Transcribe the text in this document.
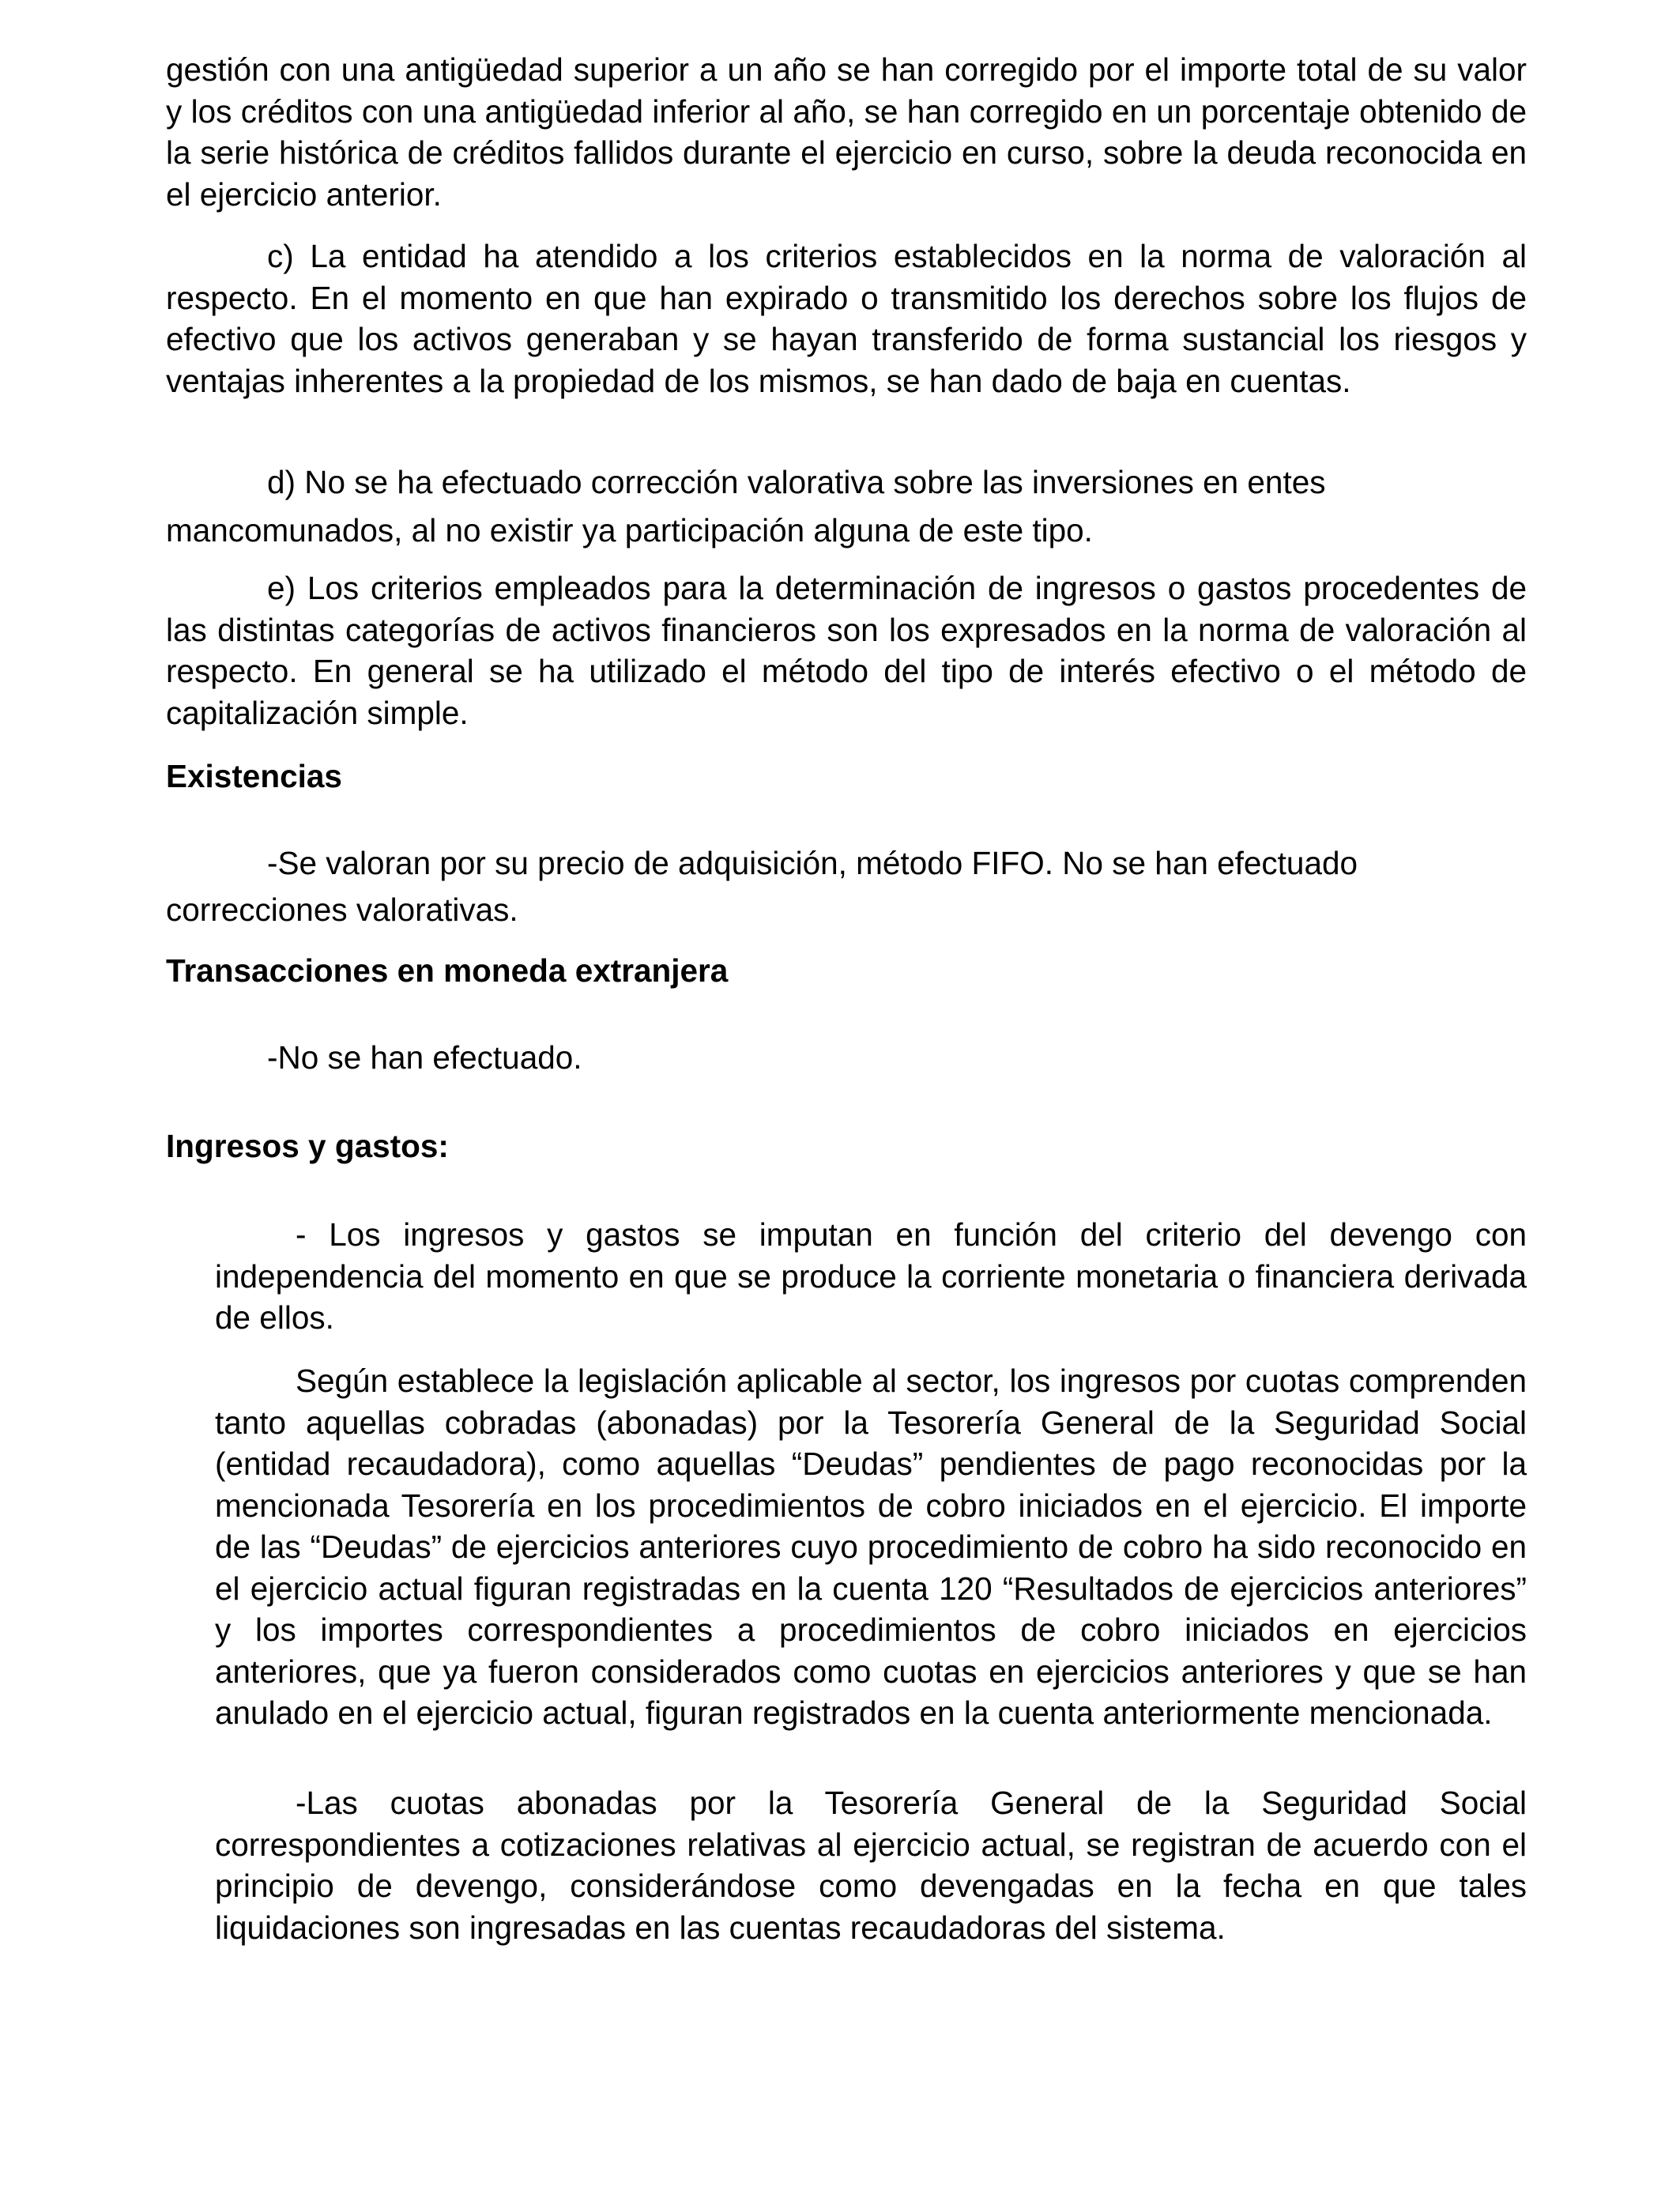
gestión con una antigüedad superior a un año se han corregido por el importe total de su valor y los créditos con una antigüedad inferior al año, se han corregido en un porcentaje obtenido de la serie histórica de créditos fallidos durante el ejercicio en curso, sobre la deuda reconocida en el ejercicio anterior.

c) La entidad ha atendido a los criterios establecidos en la norma de valoración al respecto. En el momento en que han expirado o transmitido los derechos sobre los flujos de efectivo que los activos generaban y se hayan transferido de forma sustancial los riesgos y ventajas inherentes a la propiedad de los mismos, se han dado de baja en cuentas.

d) No se ha efectuado corrección valorativa sobre las inversiones en entes
mancomunados, al no existir ya participación alguna de este tipo.

e) Los criterios empleados para la determinación de ingresos o gastos procedentes de las distintas categorías de activos financieros son los expresados en la norma de valoración al respecto. En general se ha utilizado el método del tipo de interés efectivo o el método de capitalización simple.

Existencias
-Se valoran por su precio de adquisición, método FIFO. No se han efectuado
correcciones valorativas.
Transacciones en moneda extranjera

-No se han efectuado.

Ingresos y gastos:

- Los ingresos y gastos se imputan en función del criterio del devengo con independencia del momento en que se produce la corriente monetaria o financiera derivada de ellos.

Según establece la legislación aplicable al sector, los ingresos por cuotas comprenden tanto aquellas cobradas (abonadas) por la Tesorería General de la Seguridad Social (entidad recaudadora), como aquellas “Deudas” pendientes de pago reconocidas por la mencionada Tesorería en los procedimientos de cobro iniciados en el ejercicio. El importe de las “Deudas” de ejercicios anteriores cuyo procedimiento de cobro ha sido reconocido en el ejercicio actual figuran registradas en la cuenta 120 “Resultados de ejercicios anteriores” y los importes correspondientes a procedimientos de cobro iniciados en ejercicios anteriores, que ya fueron considerados como cuotas en ejercicios anteriores y que se han anulado en el ejercicio actual, figuran registrados en la cuenta anteriormente mencionada.

-Las cuotas abonadas por la Tesorería General de la Seguridad Social correspondientes a cotizaciones relativas al ejercicio actual, se registran de acuerdo con el principio de devengo, considerándose como devengadas en la fecha en que tales liquidaciones son ingresadas en las cuentas recaudadoras del sistema.
